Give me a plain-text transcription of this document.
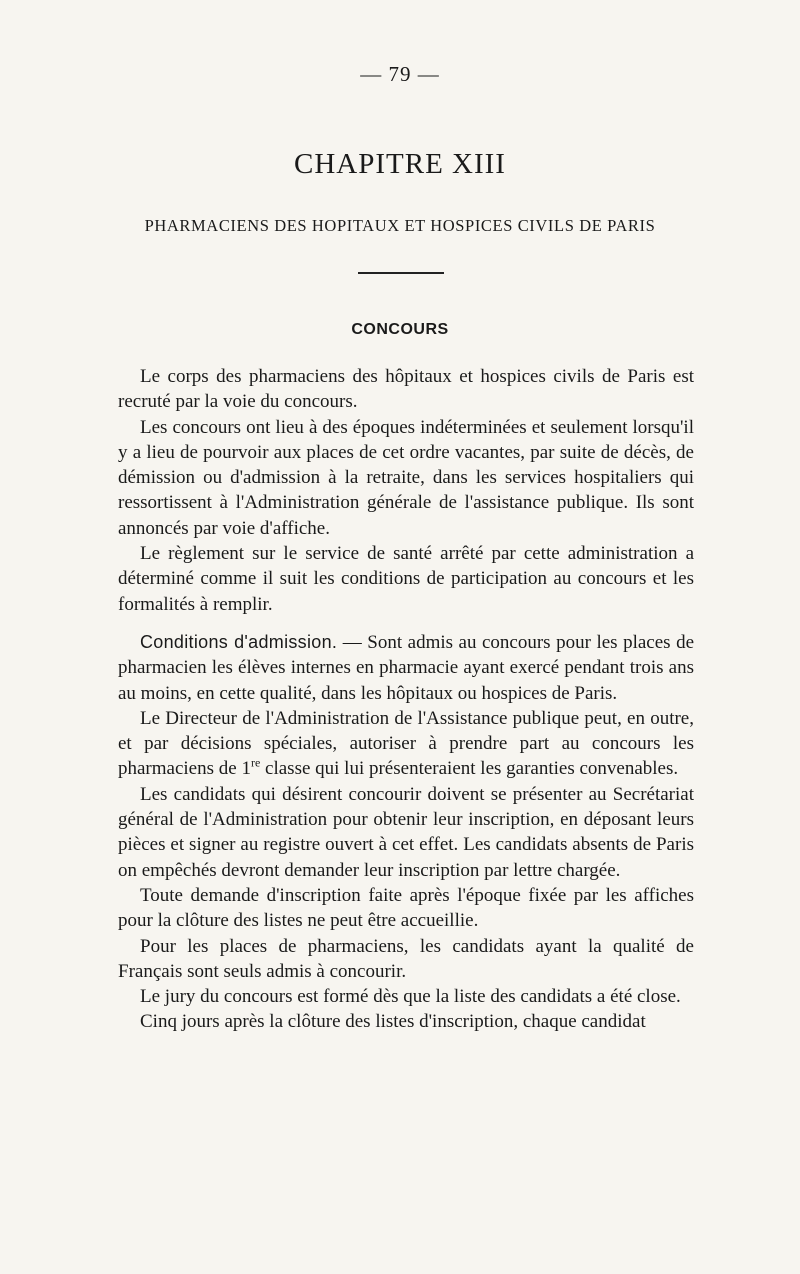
— 79 —
CHAPITRE XIII
PHARMACIENS DES HOPITAUX ET HOSPICES CIVILS DE PARIS
CONCOURS

Le corps des pharmaciens des hôpitaux et hospices civils de Paris est recruté par la voie du concours.

Les concours ont lieu à des époques indéterminées et seulement lorsqu'il y a lieu de pourvoir aux places de cet ordre vacantes, par suite de décès, de démission ou d'admission à la retraite, dans les services hospitaliers qui ressortissent à l'Administration générale de l'assistance publique. Ils sont annoncés par voie d'affiche.

Le règlement sur le service de santé arrêté par cette administration a déterminé comme il suit les conditions de participation au concours et les formalités à remplir.

Conditions d'admission. — Sont admis au concours pour les places de pharmacien les élèves internes en pharmacie ayant exercé pendant trois ans au moins, en cette qualité, dans les hôpitaux ou hospices de Paris.

Le Directeur de l'Administration de l'Assistance publique peut, en outre, et par décisions spéciales, autoriser à prendre part au concours les pharmaciens de 1re classe qui lui présenteraient les garanties convenables.

Les candidats qui désirent concourir doivent se présenter au Secrétariat général de l'Administration pour obtenir leur inscription, en déposant leurs pièces et signer au registre ouvert à cet effet. Les candidats absents de Paris on empêchés devront demander leur inscription par lettre chargée.

Toute demande d'inscription faite après l'époque fixée par les affiches pour la clôture des listes ne peut être accueillie.

Pour les places de pharmaciens, les candidats ayant la qualité de Français sont seuls admis à concourir.

Le jury du concours est formé dès que la liste des candidats a été close.

Cinq jours après la clôture des listes d'inscription, chaque candidat
